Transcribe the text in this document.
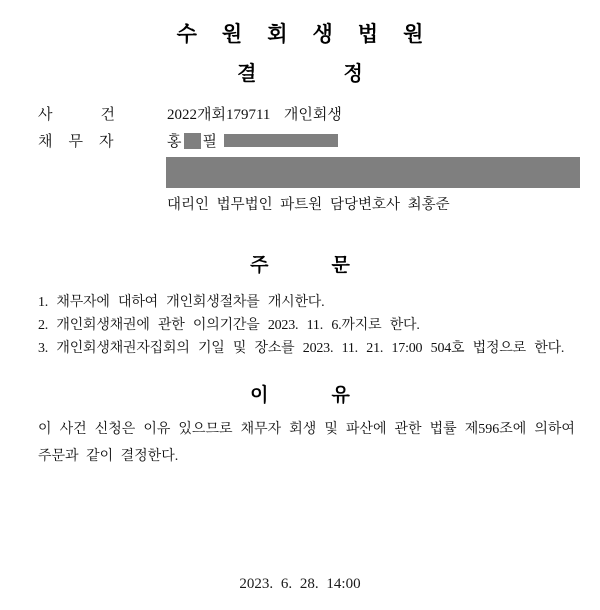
수원회생법원
결정
사건 2022개회179711  개인회생
채무자	홍 필
대리인 법무법인 파트원 담당변호사 최홍준
주문
1. 채무자에 대하여 개인회생절차를 개시한다.
2. 개인회생채권에 관한 이의기간을 2023. 11. 6.까지로 한다.
3. 개인회생채권자집회의 기일 및 장소를 2023. 11. 21. 17:00 504호 법정으로 한다.
이유
이 사건 신청은 이유 있으므로 채무자 회생 및 파산에 관한 법률 제596조에 의하여
주문과 같이 결정한다.
2023. 6. 28. 14:00
